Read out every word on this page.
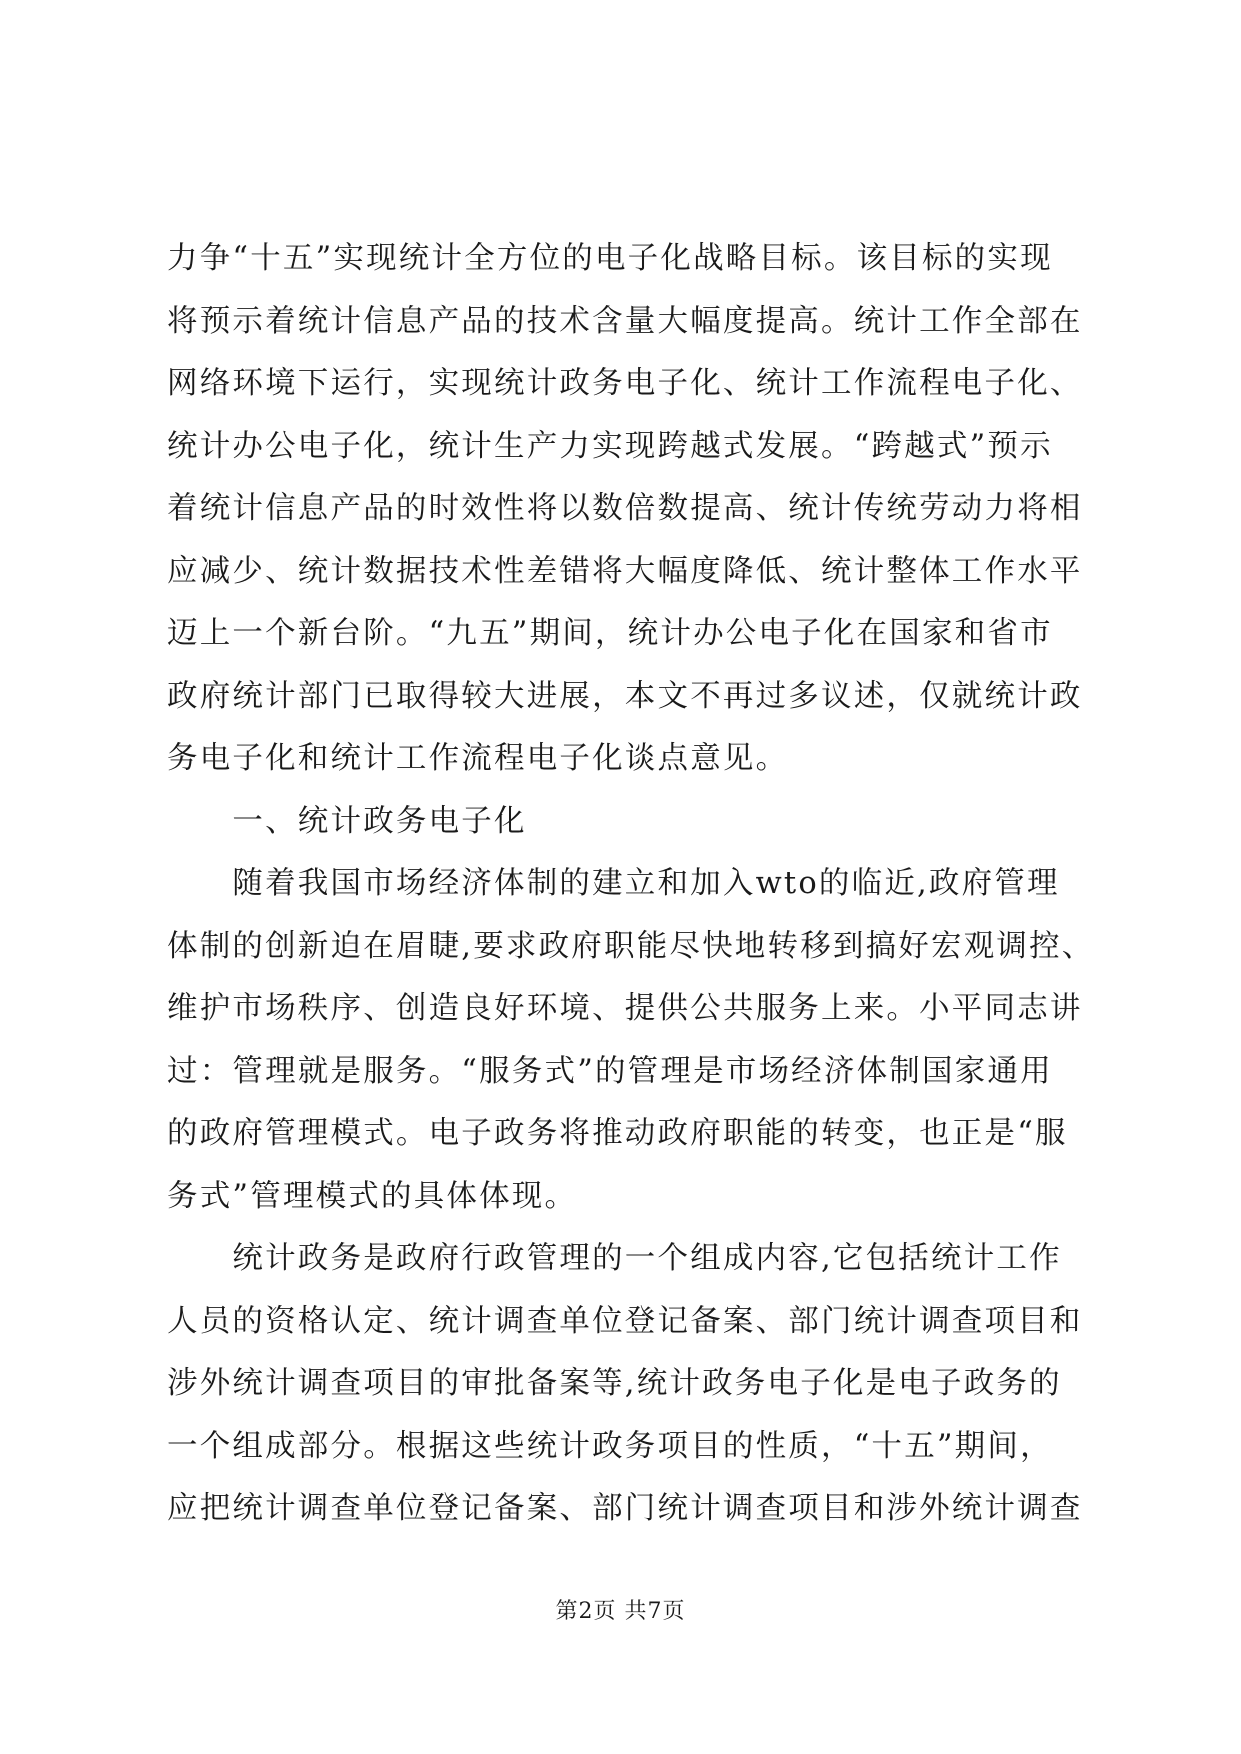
力争“十五”实现统计全方位的电子化战略目标。该目标的实现
将预示着统计信息产品的技术含量大幅度提高。统计工作全部在
网络环境下运行，实现统计政务电子化、统计工作流程电子化、
统计办公电子化，统计生产力实现跨越式发展。“跨越式”预示
着统计信息产品的时效性将以数倍数提高、统计传统劳动力将相
应减少、统计数据技术性差错将大幅度降低、统计整体工作水平
迈上一个新台阶。“九五”期间，统计办公电子化在国家和省市
政府统计部门已取得较大进展，本文不再过多议述，仅就统计政
务电子化和统计工作流程电子化谈点意见。
　　一、统计政务电子化
　　随着我国市场经济体制的建立和加入wto的临近,政府管理
体制的创新迫在眉睫,要求政府职能尽快地转移到搞好宏观调控、
维护市场秩序、创造良好环境、提供公共服务上来。小平同志讲
过：管理就是服务。“服务式”的管理是市场经济体制国家通用
的政府管理模式。电子政务将推动政府职能的转变，也正是“服
务式”管理模式的具体体现。
　　统计政务是政府行政管理的一个组成内容,它包括统计工作
人员的资格认定、统计调查单位登记备案、部门统计调查项目和
涉外统计调查项目的审批备案等,统计政务电子化是电子政务的
一个组成部分。根据这些统计政务项目的性质，“十五”期间，
应把统计调查单位登记备案、部门统计调查项目和涉外统计调查
第2页 共7页
